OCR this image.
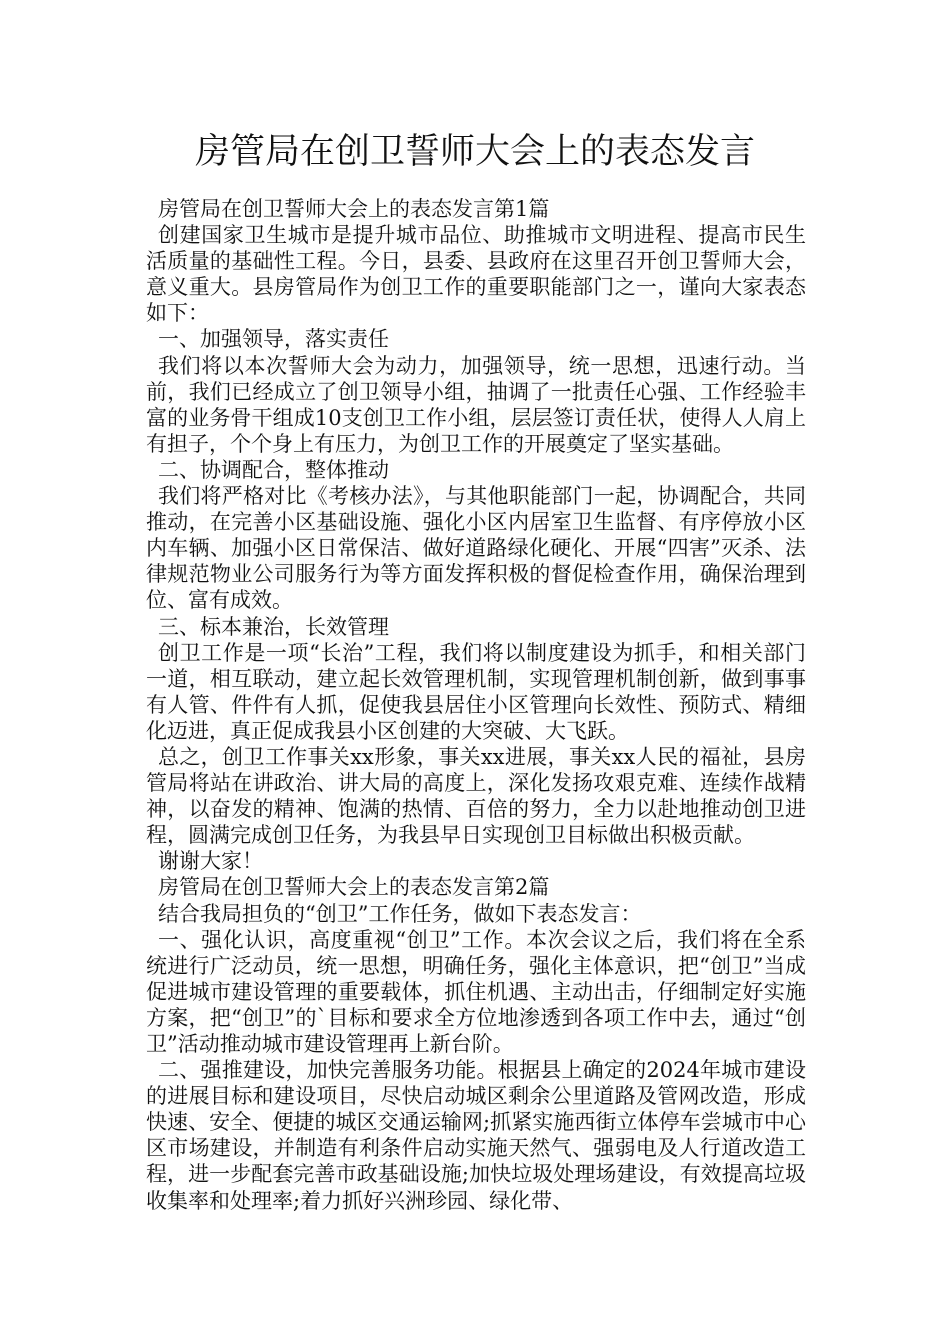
房管局在创卫誓师大会上的表态发言

房管局在创卫誓师大会上的表态发言第1篇

创建国家卫生城市是提升城市品位、助推城市文明进程、提高市民生活质量的基础性工程。今日，县委、县政府在这里召开创卫誓师大会，意义重大。县房管局作为创卫工作的重要职能部门之一，谨向大家表态如下：

一、加强领导，落实责任

我们将以本次誓师大会为动力，加强领导，统一思想，迅速行动。当前，我们已经成立了创卫领导小组，抽调了一批责任心强、工作经验丰富的业务骨干组成10支创卫工作小组，层层签订责任状，使得人人肩上有担子，个个身上有压力，为创卫工作的开展奠定了坚实基础。

二、协调配合，整体推动

我们将严格对比《考核办法》，与其他职能部门一起，协调配合，共同推动，在完善小区基础设施、强化小区内居室卫生监督、有序停放小区内车辆、加强小区日常保洁、做好道路绿化硬化、开展“四害”灭杀、法律规范物业公司服务行为等方面发挥积极的督促检查作用，确保治理到位、富有成效。

三、标本兼治，长效管理

创卫工作是一项“长治”工程，我们将以制度建设为抓手，和相关部门一道，相互联动，建立起长效管理机制，实现管理机制创新，做到事事有人管、件件有人抓，促使我县居住小区管理向长效性、预防式、精细化迈进，真正促成我县小区创建的大突破、大飞跃。

总之，创卫工作事关xx形象，事关xx进展，事关xx人民的福祉，县房管局将站在讲政治、讲大局的高度上，深化发扬攻艰克难、连续作战精神，以奋发的精神、饱满的热情、百倍的努力，全力以赴地推动创卫进程，圆满完成创卫任务，为我县早日实现创卫目标做出积极贡献。

谢谢大家！

房管局在创卫誓师大会上的表态发言第2篇

结合我局担负的“创卫”工作任务，做如下表态发言：

一、强化认识，高度重视“创卫”工作。本次会议之后，我们将在全系统进行广泛动员，统一思想，明确任务，强化主体意识，把“创卫”当成促进城市建设管理的重要载体，抓住机遇、主动出击，仔细制定好实施方案，把“创卫”的`目标和要求全方位地渗透到各项工作中去，通过“创卫”活动推动城市建设管理再上新台阶。

二、强推建设，加快完善服务功能。根据县上确定的2024年城市建设的进展目标和建设项目，尽快启动城区剩余公里道路及管网改造，形成快速、安全、便捷的城区交通运输网;抓紧实施西街立体停车尝城市中心区市场建设，并制造有利条件启动实施天然气、强弱电及人行道改造工程，进一步配套完善市政基础设施;加快垃圾处理场建设，有效提高垃圾收集率和处理率;着力抓好兴洲珍园、绿化带、
